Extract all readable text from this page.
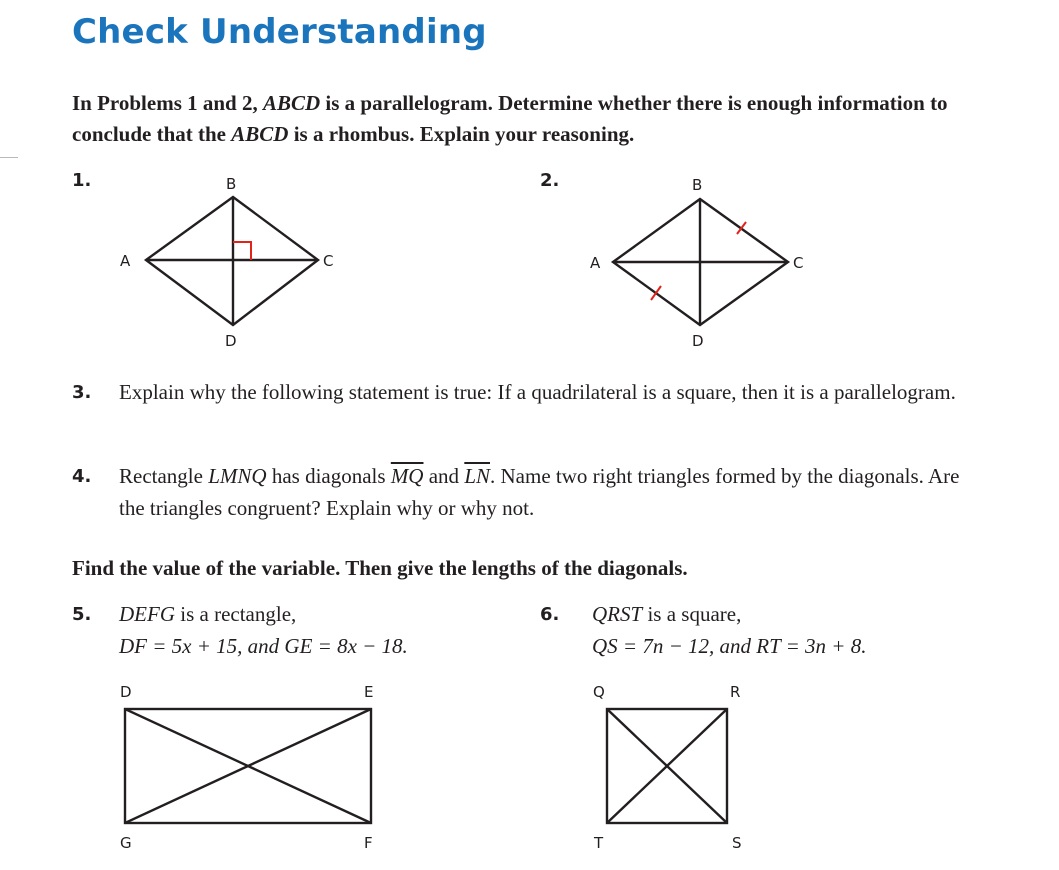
Check Understanding
In Problems 1 and 2, ABCD is a parallelogram. Determine whether there is enough information to conclude that the ABCD is a rhombus. Explain your reasoning.
1.	B
A	C
D
2.	B
A	C
D
3. Explain why the following statement is true: If a quadrilateral is a square, then it is a parallelogram.
4. Rectangle LMNQ has diagonals $\overline{MQ}$ and $\overline{LN}$. Name two right triangles formed by the diagonals. Are the triangles congruent? Explain why or why not.
Find the value of the variable. Then give the lengths of the diagonals.
5. DEFG is a rectangle,
DF = 5x + 15, and GE = 8x − 18.
D	E
G	F
6. QRST is a square,
QS = 7n − 12, and RT = 3n + 8.
Q	R
T	S
